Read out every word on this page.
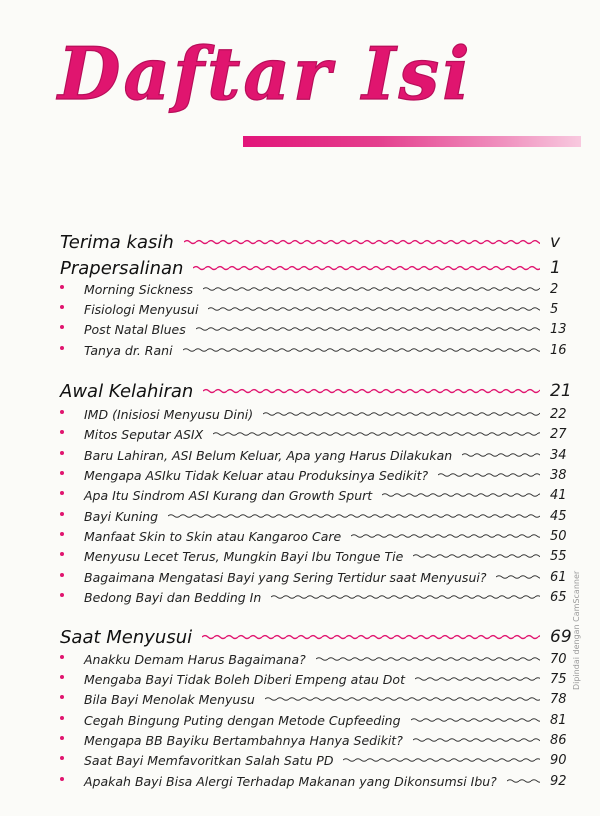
Daftar Isi
Terima kasih	v
Prapersalinan	1
Morning Sickness	2
Fisiologi Menyusui	5
Post Natal Blues	13
Tanya dr. Rani	16
Awal Kelahiran	21
IMD (Inisiosi Menyusu Dini)	22
Mitos Seputar ASIX	27
Baru Lahiran, ASI Belum Keluar, Apa yang Harus Dilakukan	34
Mengapa ASIku Tidak Keluar atau Produksinya Sedikit?	38
Apa Itu Sindrom ASI Kurang dan Growth Spurt	41
Bayi Kuning	45
Manfaat Skin to Skin atau Kangaroo Care	50
Menyusu Lecet Terus, Mungkin Bayi Ibu Tongue Tie	55
Bagaimana Mengatasi Bayi yang Sering Tertidur saat Menyusui?	61
Bedong Bayi dan Bedding In	65
Saat Menyusui	69
Anakku Demam Harus Bagaimana?	70
Mengaba Bayi Tidak Boleh Diberi Empeng atau Dot	75
Bila Bayi Menolak Menyusu	78
Cegah Bingung Puting dengan Metode Cupfeeding	81
Mengapa BB Bayiku Bertambahnya Hanya Sedikit?	86
Saat Bayi Memfavoritkan Salah Satu PD	90
Apakah Bayi Bisa Alergi Terhadap Makanan yang Dikonsumsi Ibu?	92
Dipindai dengan CamScanner
